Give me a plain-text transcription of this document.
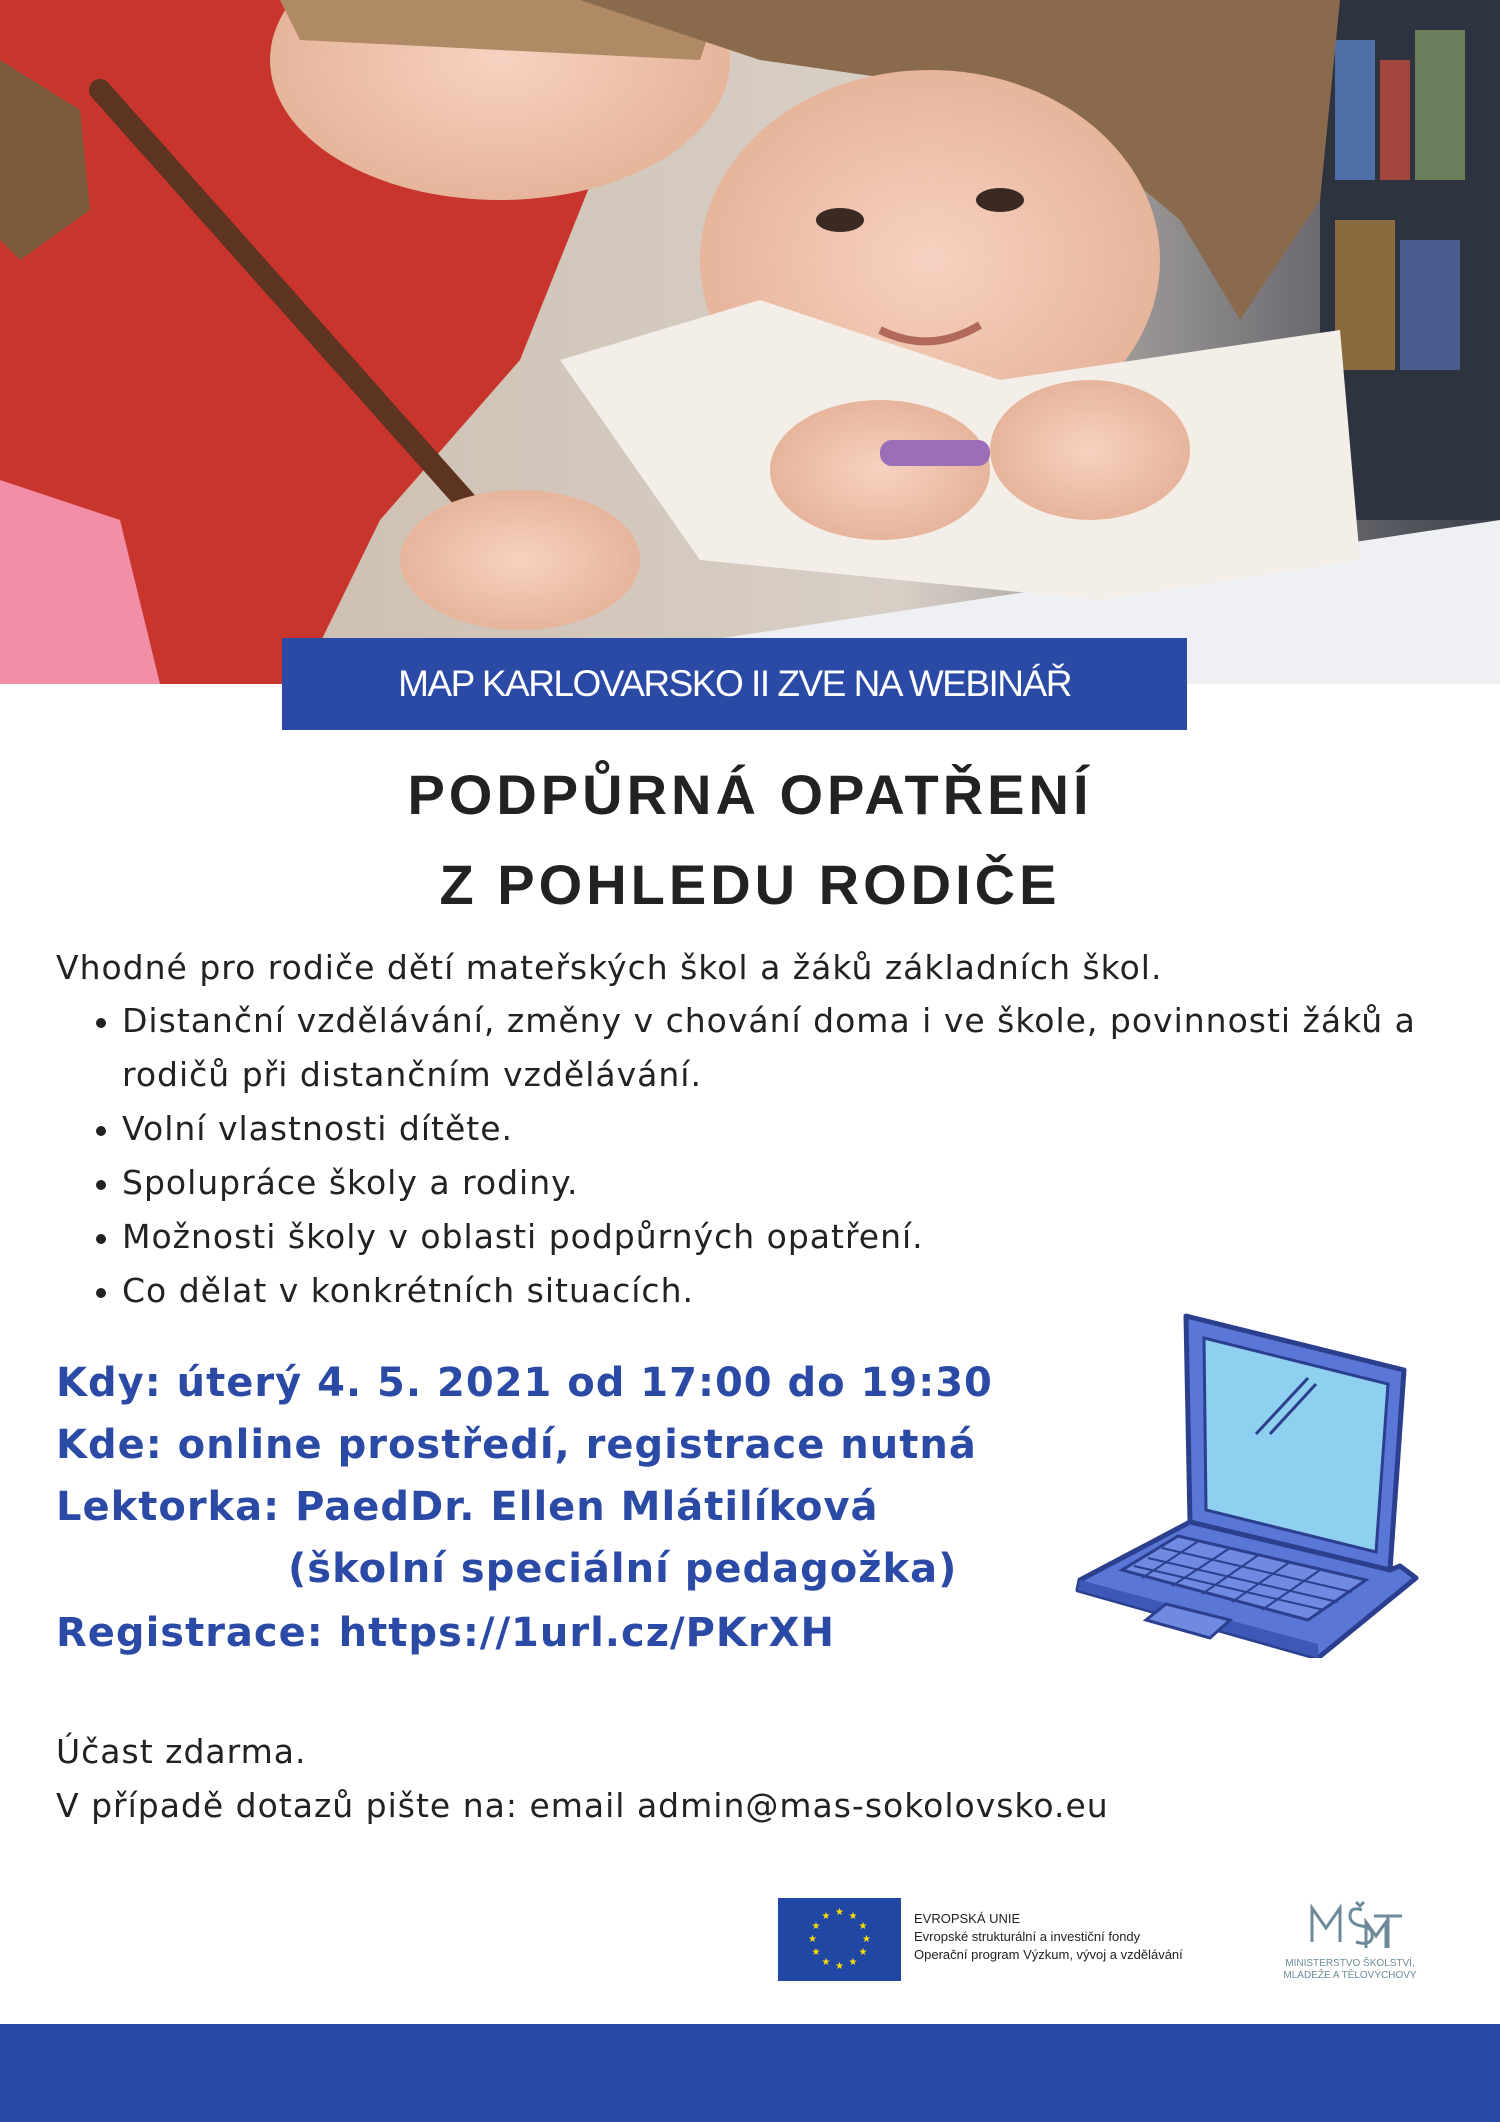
MAP KARLOVARSKO II ZVE NA WEBINÁŘ
PODPŮRNÁ OPATŘENÍ
Z POHLEDU RODIČE
Vhodné pro rodiče dětí mateřských škol a žáků základních škol.
Distanční vzdělávání, změny v chování doma i ve škole, povinnosti žáků a rodičů při distančním vzdělávání.
Volní vlastnosti dítěte.
Spolupráce školy a rodiny.
Možnosti školy v oblasti podpůrných opatření.
Co dělat v konkrétních situacích.
Kdy: úterý 4. 5. 2021 od 17:00 do 19:30
Kde: online prostředí, registrace nutná
Lektorka: PaedDr. Ellen Mlátilíková
(školní speciální pedagožka)
Registrace: https://1url.cz/PKrXH
Účast zdarma.
V případě dotazů pište na: email admin@mas-sokolovsko.eu
★ ★
★
★
★
★
★
★
★
★
★
★	EVROPSKÁ UNIE
Evropské strukturální a investiční fondy
Operační program Výzkum, vývoj a vzdělávání
MINISTERSTVO ŠKOLSTVÍ,
MLÁDEŽE A TĚLOVÝCHOVY
